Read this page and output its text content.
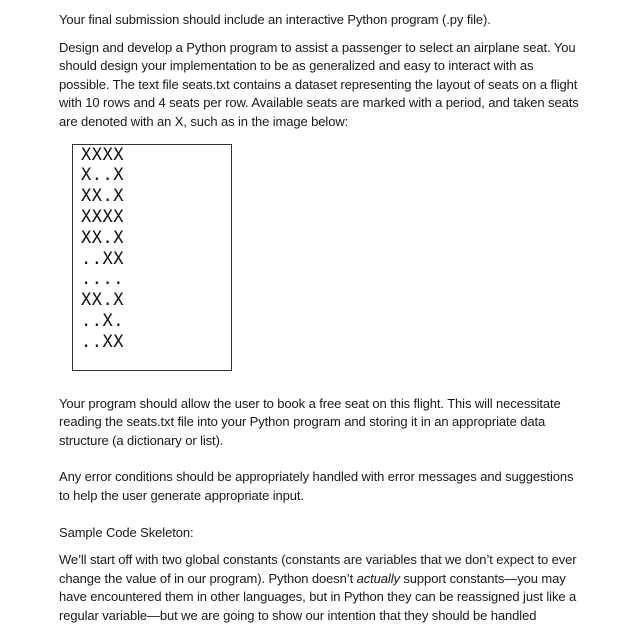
Your final submission should include an interactive Python program (.py file).

Design and develop a Python program to assist a passenger to select an airplane seat. You should design your implementation to be as generalized and easy to interact with as possible. The text file seats.txt contains a dataset representing the layout of seats on a flight with 10 rows and 4 seats per row. Available seats are marked with a period, and taken seats are denoted with an X, such as in the image below:

XXXX
X..X
XX.X
XXXX
XX.X
..XX
....
XX.X
..X.
..XX

Your program should allow the user to book a free seat on this flight. This will necessitate reading the seats.txt file into your Python program and storing it in an appropriate data structure (a dictionary or list).

Any error conditions should be appropriately handled with error messages and suggestions to help the user generate appropriate input.

Sample Code Skeleton:

We’ll start off with two global constants (constants are variables that we don’t expect to ever change the value of in our program). Python doesn’t actually support constants—you may have encountered them in other languages, but in Python they can be reassigned just like a regular variable—but we are going to show our intention that they should be handled
